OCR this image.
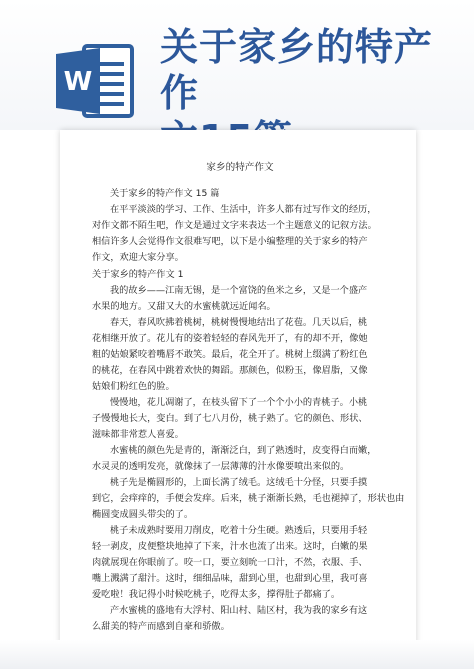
W
关于家乡的特产作
家乡的特产作文
关于家乡的特产作文 15 篇
在平平淡淡的学习、工作、生活中，许多人都有过写作文的经历，
对作文都不陌生吧，作文是通过文字来表达一个主题意义的记叙方法。
相信许多人会觉得作文很难写吧，以下是小编整理的关于家乡的特产
作文，欢迎大家分享。
关于家乡的特产作文 1
我的故乡——江南无锡，是一个富饶的鱼米之乡，又是一个盛产
水果的地方。又甜又大的水蜜桃就远近闻名。
春天，春风吹拂着桃树，桃树慢慢地结出了花苞。几天以后，桃
花相继开放了。花儿有的姿着轻轻的春风先开了，有的却不开，像她
粗的姑娘紧咬着嘴唇不敢笑。最后，花全开了。桃树上缀满了粉红色
的桃花，在春风中跳着欢快的舞蹈。那颜色，似粉玉，像眉脂，又像
姑娘们粉红色的脸。
慢慢地，花儿凋谢了，在枝头留下了一个个小小的青桃子。小桃
子慢慢地长大，变白。到了七八月份，桃子熟了。它的颜色、形状、
滋味都非常惹人喜爱。
水蜜桃的颜色先是青的，渐渐泛白，到了熟透时，皮变得白而嫩，
水灵灵的透明发亮，就像抹了一层薄薄的汁水像要喷出来似的。
桃子先是椭圆形的，上面长满了绒毛。这绒毛十分怪，只要手摸
到它，会痒痒的，手便会发痒。后来，桃子渐渐长熟，毛也褪掉了，形状也由
椭圆变成圆头带尖的了。
桃子未成熟时要用刀削皮，吃着十分生硬。熟透后，只要用手轻
轻一剥皮，皮便整块地掉了下来，汁水也流了出来。这时，白嫩的果
肉就展现在你眼前了。咬一口，要立刻吮一口汁，不然，衣服、手、
嘴上溅满了甜汁。这时，细细品味，甜到心里，也甜到心里，我可喜
爱吃啦！我记得小时候吃桃子，吃得太多，撑得肚子都痛了。
产水蜜桃的盛地有大浮村、阳山村、陆区村，我为我的家乡有这
么甜美的特产而感到自豪和骄傲。
